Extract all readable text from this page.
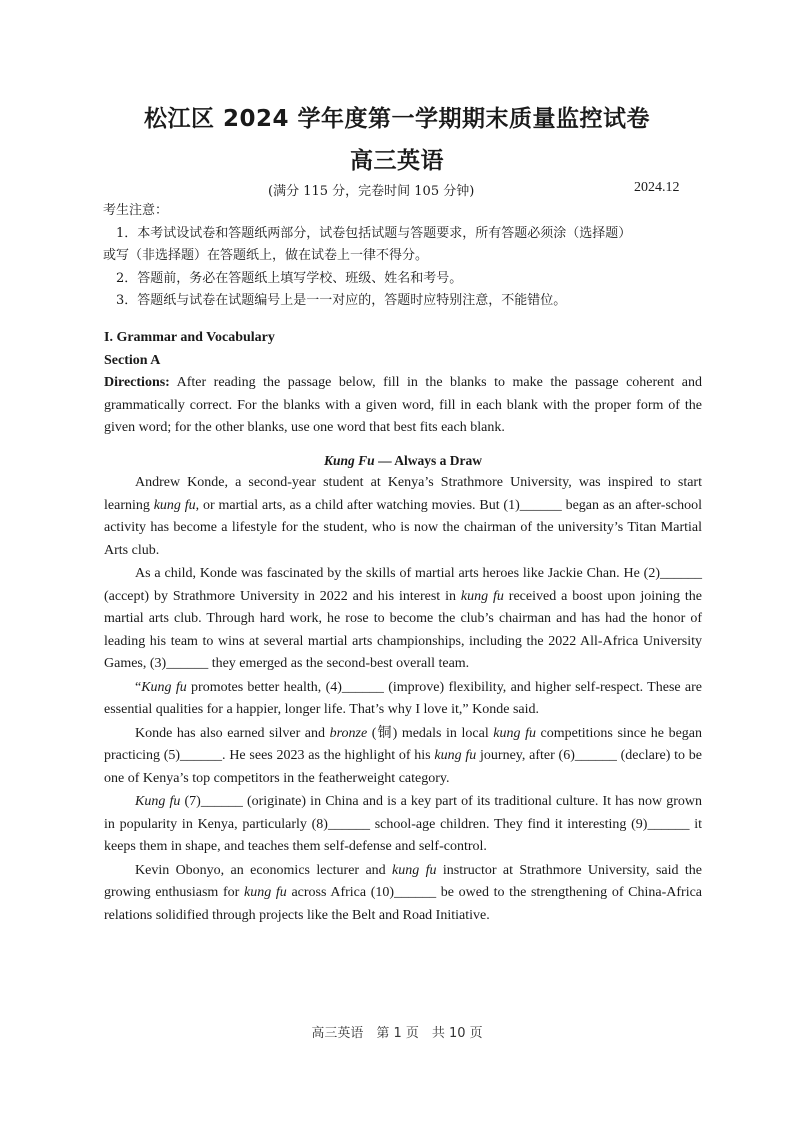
松江区 2024 学年度第一学期期末质量监控试卷
高三英语
(满分 115 分，完卷时间 105 分钟)	2024.12

考生注意：

1．本考试设试卷和答题纸两部分，试卷包括试题与答题要求，所有答题必须涂（选择题）

或写（非选择题）在答题纸上，做在试卷上一律不得分。

2．答题前，务必在答题纸上填写学校、班级、姓名和考号。

3．答题纸与试卷在试题编号上是一一对应的，答题时应特别注意，不能错位。

I. Grammar and Vocabulary

Section A

Directions: After reading the passage below, fill in the blanks to make the passage coherent and grammatically correct. For the blanks with a given word, fill in each blank with the proper form of the given word; for the other blanks, use one word that best fits each blank.

Kung Fu — Always a Draw

Andrew Konde, a second-year student at Kenya’s Strathmore University, was inspired to start learning kung fu, or martial arts, as a child after watching movies. But (1)______ began as an after-school activity has become a lifestyle for the student, who is now the chairman of the university’s Titan Martial Arts club.

As a child, Konde was fascinated by the skills of martial arts heroes like Jackie Chan. He (2)______ (accept) by Strathmore University in 2022 and his interest in kung fu received a boost upon joining the martial arts club. Through hard work, he rose to become the club’s chairman and has had the honor of leading his team to wins at several martial arts championships, including the 2022 All-Africa University Games, (3)______ they emerged as the second-best overall team.

“Kung fu promotes better health, (4)______ (improve) flexibility, and higher self-respect. These are essential qualities for a happier, longer life. That’s why I love it,” Konde said.

Konde has also earned silver and bronze (铜) medals in local kung fu competitions since he began practicing (5)______. He sees 2023 as the highlight of his kung fu journey, after (6)______ (declare) to be one of Kenya’s top competitors in the featherweight category.

Kung fu (7)______ (originate) in China and is a key part of its traditional culture. It has now grown in popularity in Kenya, particularly (8)______ school-age children. They find it interesting (9)______ it keeps them in shape, and teaches them self-defense and self-control.

Kevin Obonyo, an economics lecturer and kung fu instructor at Strathmore University, said the growing enthusiasm for kung fu across Africa (10)______ be owed to the strengthening of China-Africa relations solidified through projects like the Belt and Road Initiative.

高三英语　第 1 页　共 10 页
